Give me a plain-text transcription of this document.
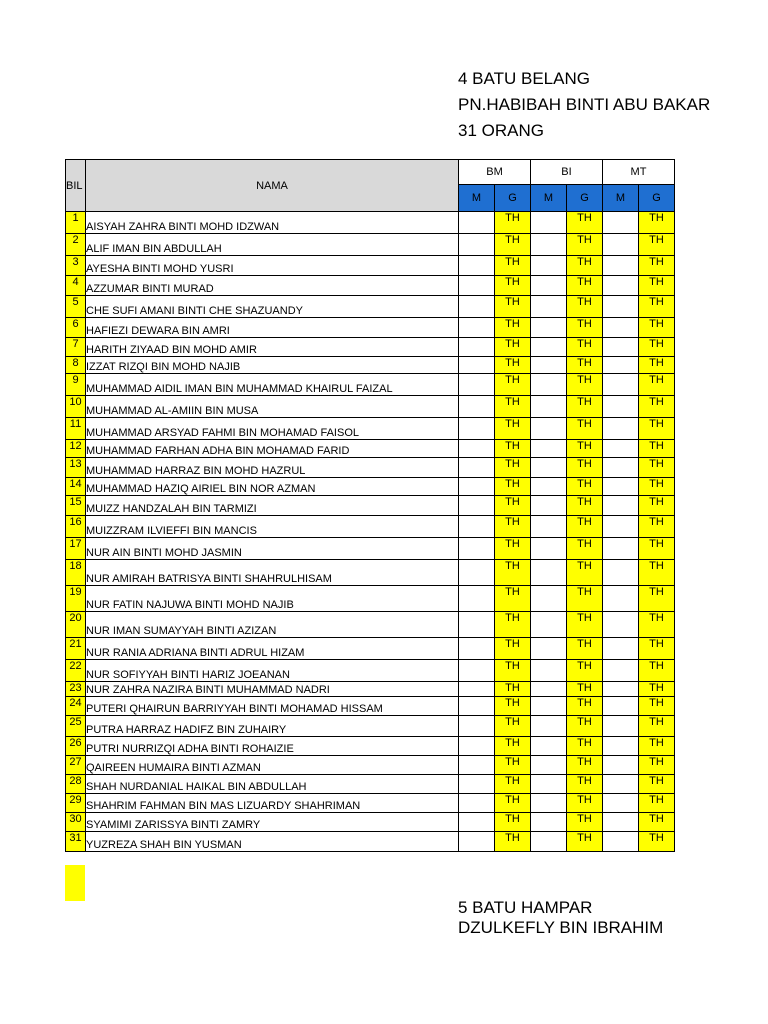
4 BATU BELANG
PN.HABIBAH BINTI ABU BAKAR
31 ORANG
5 BATU HAMPAR
DZULKEFLY BIN IBRAHIM
BIL	NAMA	BM		BI		MT	
		M	G	M	G	M	G
1	AISYAH ZAHRA BINTI MOHD IDZWAN		TH		TH		TH
2	ALIF IMAN BIN ABDULLAH		TH		TH		TH
3	AYESHA BINTI MOHD YUSRI		TH		TH		TH
4	AZZUMAR BINTI MURAD		TH		TH		TH
5	CHE SUFI AMANI BINTI CHE SHAZUANDY		TH		TH		TH
6	HAFIEZI DEWARA BIN AMRI		TH		TH		TH
7	HARITH ZIYAAD BIN MOHD AMIR		TH		TH		TH
8	IZZAT RIZQI BIN MOHD NAJIB		TH		TH		TH
9	MUHAMMAD AIDIL IMAN BIN MUHAMMAD KHAIRUL FAIZAL		TH		TH		TH
10	MUHAMMAD AL-AMIIN BIN MUSA		TH		TH		TH
11	MUHAMMAD ARSYAD FAHMI BIN MOHAMAD FAISOL		TH		TH		TH
12	MUHAMMAD FARHAN ADHA BIN MOHAMAD FARID		TH		TH		TH
13	MUHAMMAD HARRAZ BIN MOHD HAZRUL		TH		TH		TH
14	MUHAMMAD HAZIQ AIRIEL BIN NOR AZMAN		TH		TH		TH
15	MUIZZ HANDZALAH BIN TARMIZI		TH		TH		TH
16	MUIZZRAM ILVIEFFI BIN MANCIS		TH		TH		TH
17	NUR AIN BINTI MOHD JASMIN		TH		TH		TH
18	NUR AMIRAH BATRISYA BINTI SHAHRULHISAM		TH		TH		TH
19	NUR FATIN NAJUWA BINTI MOHD NAJIB		TH		TH		TH
20	NUR IMAN SUMAYYAH BINTI AZIZAN		TH		TH		TH
21	NUR RANIA ADRIANA BINTI ADRUL HIZAM		TH		TH		TH
22	NUR SOFIYYAH BINTI HARIZ JOEANAN		TH		TH		TH
23	NUR ZAHRA NAZIRA BINTI MUHAMMAD NADRI		TH		TH		TH
24	PUTERI QHAIRUN BARRIYYAH BINTI MOHAMAD HISSAM		TH		TH		TH
25	PUTRA HARRAZ HADIFZ BIN ZUHAIRY		TH		TH		TH
26	PUTRI NURRIZQI ADHA BINTI ROHAIZIE		TH		TH		TH
27	QAIREEN HUMAIRA BINTI AZMAN		TH		TH		TH
28	SHAH NURDANIAL HAIKAL BIN ABDULLAH		TH		TH		TH
29	SHAHRIM FAHMAN BIN MAS LIZUARDY SHAHRIMAN		TH		TH		TH
30	SYAMIMI ZARISSYA BINTI ZAMRY		TH		TH		TH
31	YUZREZA SHAH BIN YUSMAN		TH		TH		TH
